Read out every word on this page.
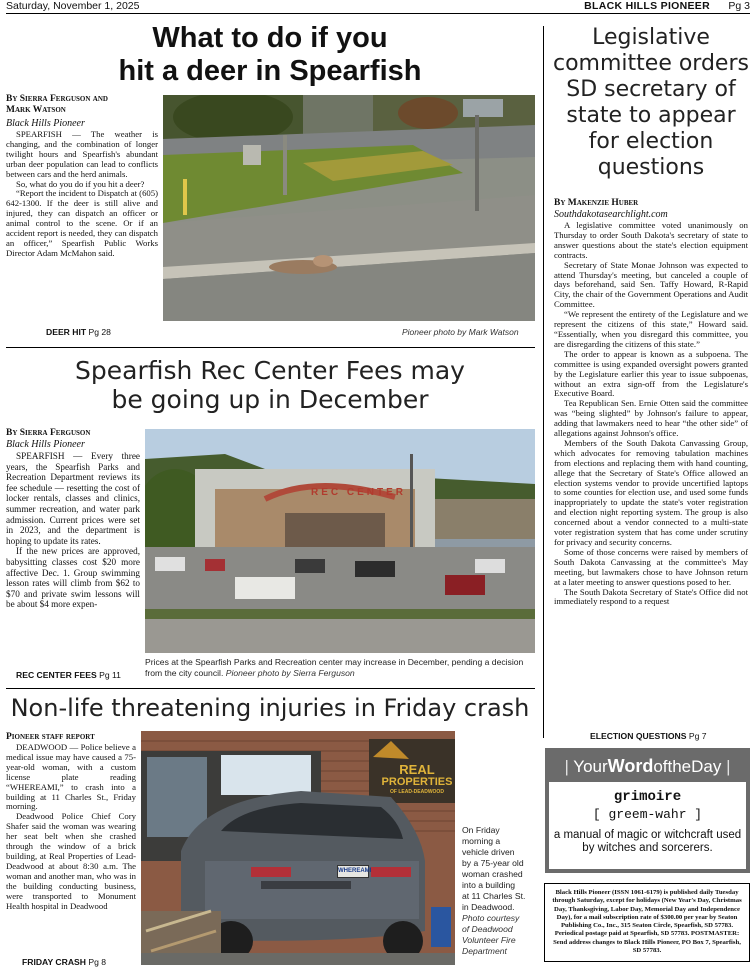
Saturday, November 1, 2025	BLACK HILLS PIONEER Pg 3
What to do if you
hit a deer in Spearfish
By Sierra Ferguson and
Mark Watson
Black Hills Pioneer

SPEARFISH — The weather is changing, and the combination of longer twilight hours and Spearfish's abundant urban deer population can lead to conflicts between cars and the herd animals.

So, what do you do if you hit a deer?

“Report the incident to Dispatch at (605) 642-1300. If the deer is still alive and injured, they can dispatch an officer or animal control to the scene. Or if an accident report is needed, they can dispatch an officer,” Spearfish Public Works Director Adam McMahon said.

DEER HIT Pg 28	Pioneer photo by Mark Watson
Spearfish Rec Center Fees may
be going up in December
By Sierra Ferguson
Black Hills Pioneer

SPEARFISH — Every three years, the Spearfish Parks and Recreation Department reviews its fee schedule — resetting the cost of locker rentals, classes and clinics, summer recreation, and water park admission. Current prices were set in 2023, and the department is hoping to update its rates.

If the new prices are approved, babysitting classes cost $20 more affective Dec. 1. Group swimming lesson rates will climb from $62 to $70 and private swim lessons will be about $4 more expen-

REC CENTER
Prices at the Spearfish Parks and Recreation center may increase in December, pending a decision from the city council. Pioneer photo by Sierra Ferguson
REC CENTER FEES Pg 11
Non-life threatening injuries in Friday crash
Pioneer staff report

DEADWOOD — Police believe a medical issue may have caused a 75-year-old woman, with a custom license plate reading “WHEREAMI,” to crash into a building at 11 Charles St., Friday morning.

Deadwood Police Chief Cory Shafer said the woman was wearing her seat belt when she crashed through the window of a brick building, at Real Properties of Lead-Deadwood at about 8:30 a.m. The woman and another man, who was in the building conducting business, were transported to Monument Health hospital in Deadwood

FRIDAY CRASH Pg 8
REAL
PROPERTIES
OF LEAD-DEADWOOD
WHEREAMI
On Friday
morning a
vehicle driven
by a 75-year old
woman crashed
into a building
at 11 Charles St.
in Deadwood.
Photo courtesy
of Deadwood
Volunteer Fire
Department
Legislative
committee orders
SD secretary of
state to appear
for election
questions
By Makenzie Huber
Southdakotasearchlight.com

A legislative committee voted unanimously on Thursday to order South Dakota's secretary of state to answer questions about the state's election equipment contracts.

Secretary of State Monae Johnson was expected to attend Thursday's meeting, but canceled a couple of days beforehand, said Sen. Taffy Howard, R-Rapid City, the chair of the Government Operations and Audit Committee.

“We represent the entirety of the Legislature and we represent the citizens of this state,” Howard said. “Essentially, when you disregard this committee, you are disregarding the citizens of this state.”

The order to appear is known as a subpoena. The committee is using expanded oversight powers granted by the Legislature earlier this year to issue subpoenas, without an extra sign-off from the Legislature's Executive Board.

Tea Republican Sen. Ernie Otten said the committee was “being slighted” by Johnson's failure to appear, adding that lawmakers need to hear “the other side” of allegations against Johnson's office.

Members of the South Dakota Canvassing Group, which advocates for removing tabulation machines from elections and replacing them with hand counting, allege that the Secretary of State's Office allowed an election systems vendor to provide uncertified laptops to some counties for election use, and used some funds inappropriately to update the state's voter registration and election night reporting system. The group is also concerned about a vendor connected to a multi-state voter registration system that has come under scrutiny for privacy and security concerns.

Some of those concerns were raised by members of South Dakota Canvassing at the committee's May meeting, but lawmakers chose to have Johnson return at a later meeting to answer questions posed to her.

The South Dakota Secretary of State's Office did not immediately respond to a request

ELECTION QUESTIONS Pg 7
| YourWordoftheDay |
grimoire
[ greem-wahr ]
a manual of magic or witchcraft used by witches and sorcerers.
Black Hills Pioneer (ISSN 1061-6179) is published daily Tuesday through Saturday, except for holidays (New Year's Day, Christmas Day, Thanksgiving, Labor Day, Memorial Day and Independence Day), for a mail subscription rate of $300.00 per year by Seaton Publishing Co., Inc., 315 Seaton Circle, Spearfish, SD 57783. Periodical postage paid at Spearfish, SD 57783. POSTMASTER: Send address changes to Black Hills Pioneer, PO Box 7, Spearfish, SD 57783.
